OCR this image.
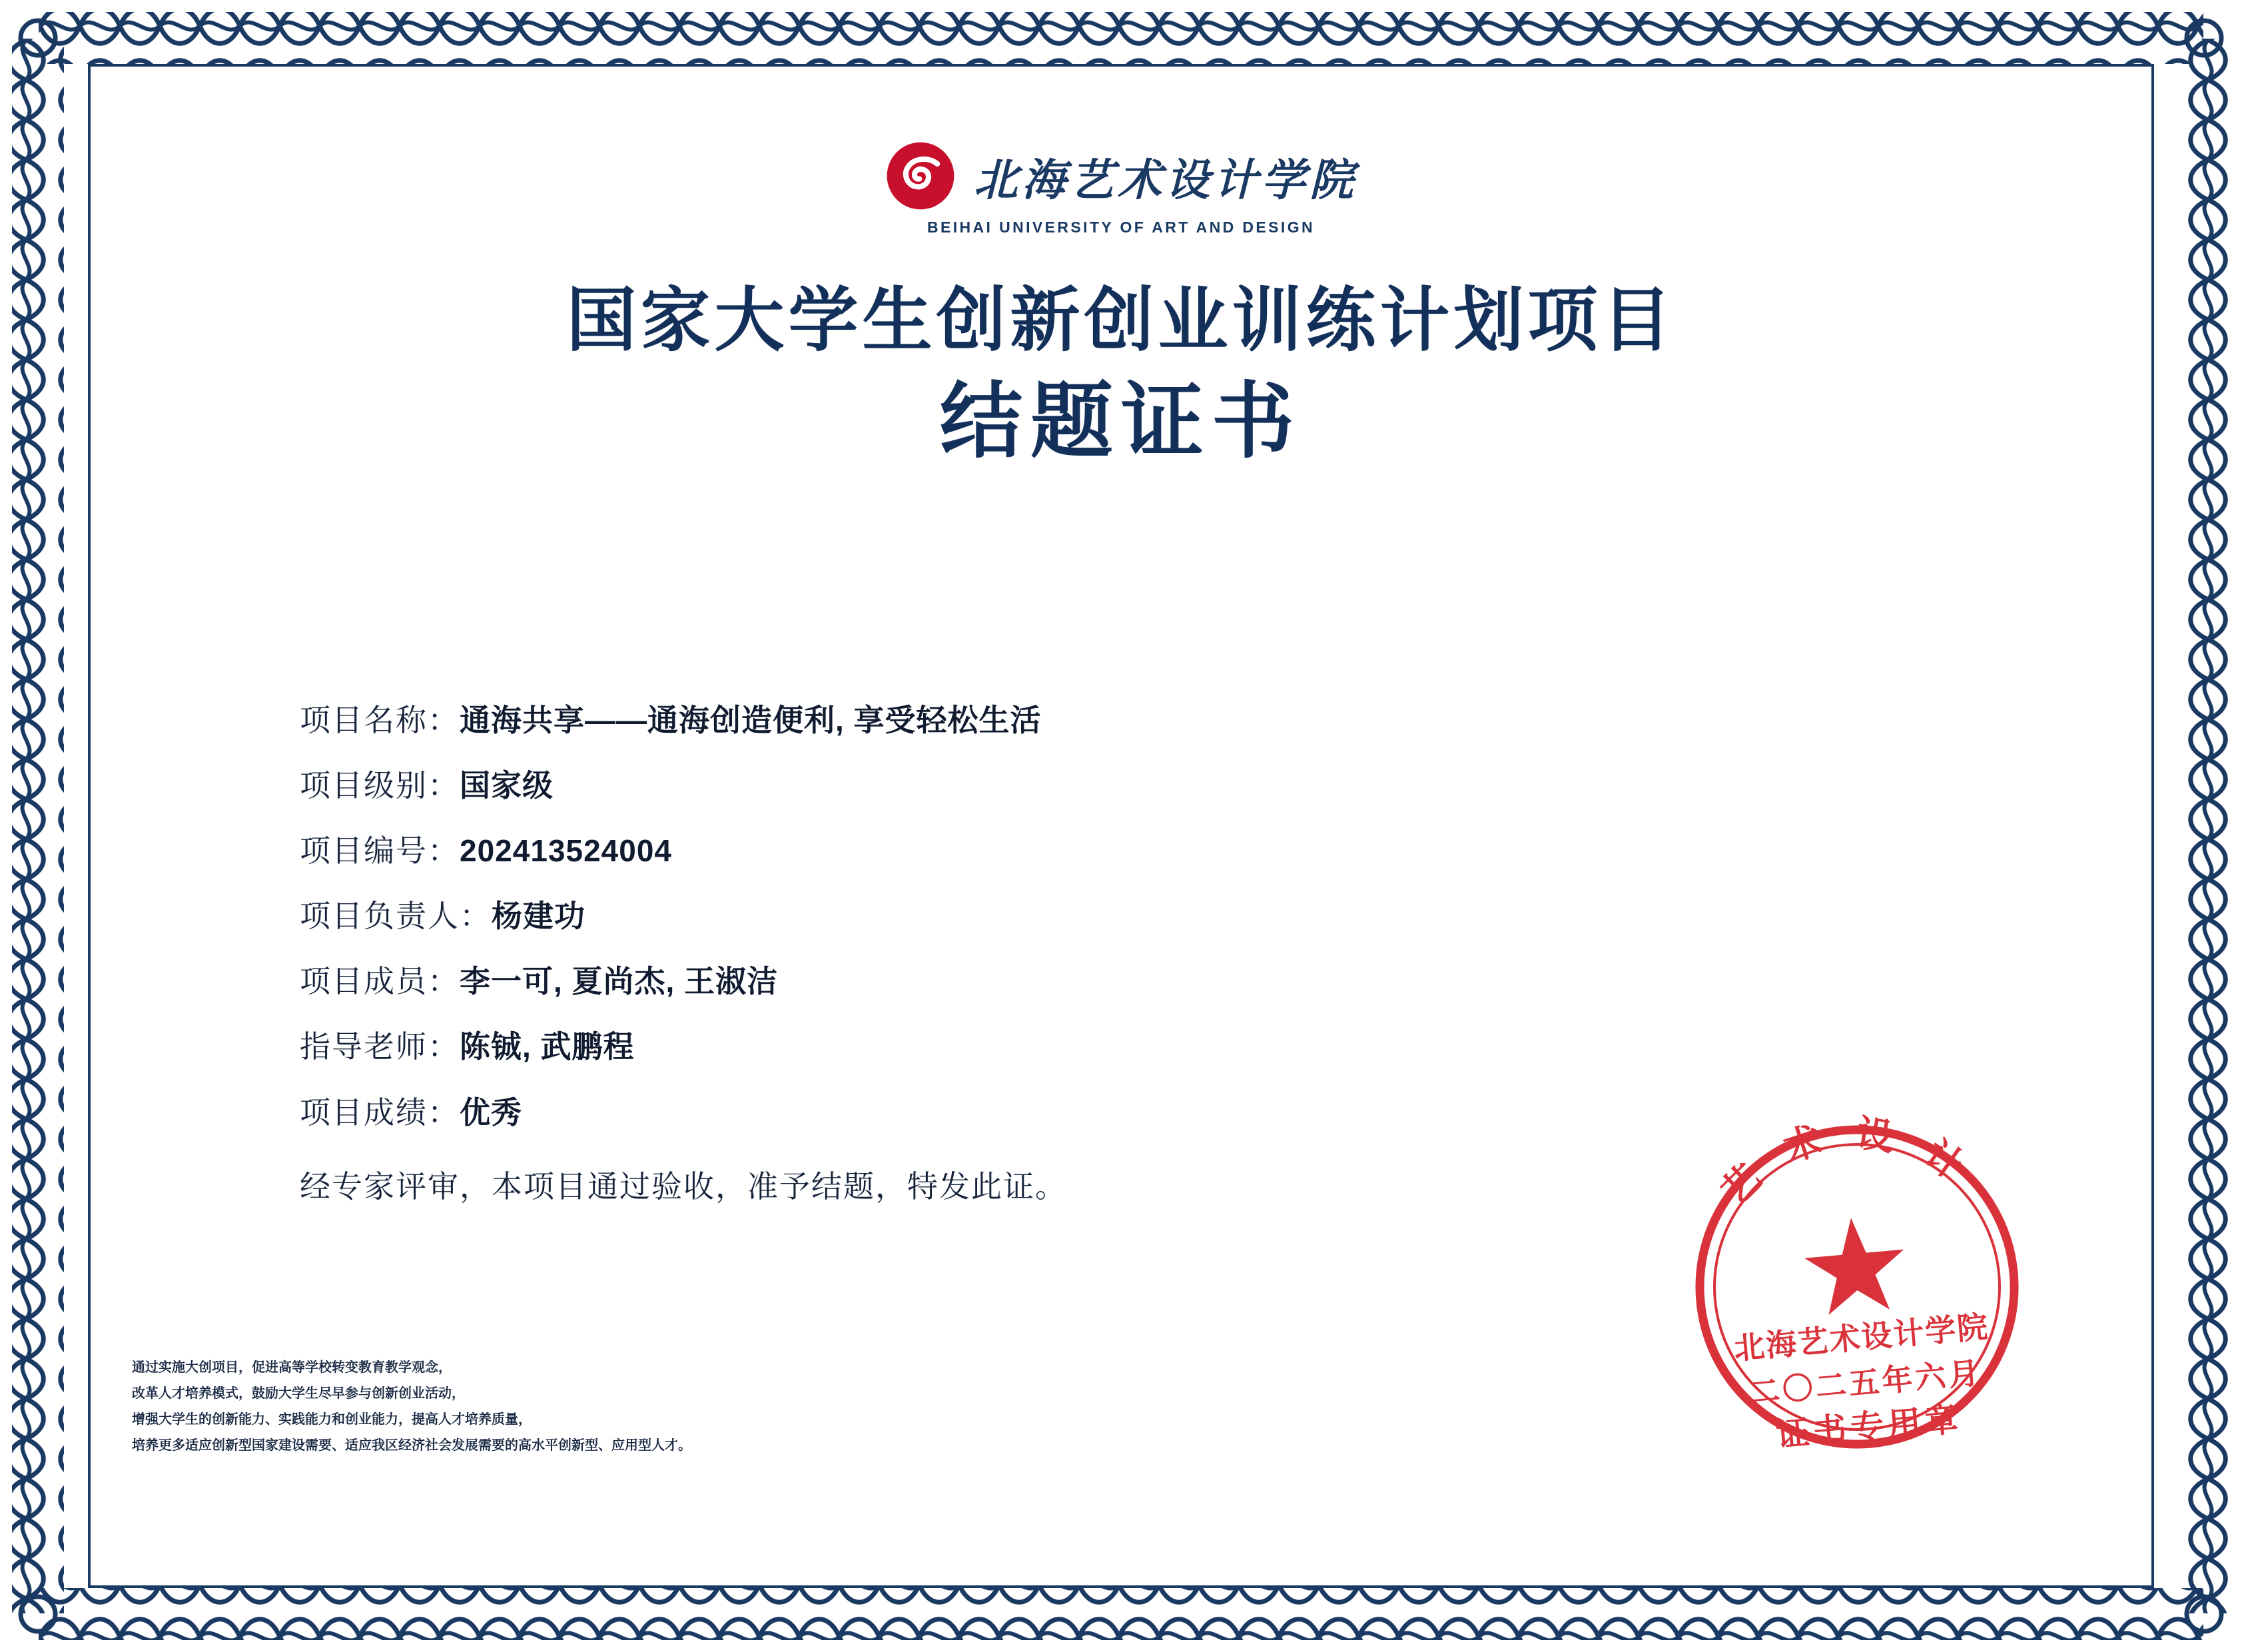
北海艺术设计学院
BEIHAI UNIVERSITY OF ART AND DESIGN
国家大学生创新创业训练计划项目
结题证书
项目名称： 通海共享——通海创造便利, 享受轻松生活
项目级别： 国家级
项目编号： 202413524004
项目负责人： 杨建功
项目成员： 李一可, 夏尚杰, 王淑洁
指导老师： 陈铖, 武鹏程
项目成绩： 优秀
经专家评审，本项目通过验收，准予结题，特发此证。
通过实施大创项目，促进高等学校转变教育教学观念，
改革人才培养模式，鼓励大学生尽早参与创新创业活动，
增强大学生的创新能力、实践能力和创业能力，提高人才培养质量，
培养更多适应创新型国家建设需要、适应我区经济社会发展需要的高水平创新型、应用型人才。
艺 术 设 计
北海艺术设计学院
二〇二五年六月
证书专用章
